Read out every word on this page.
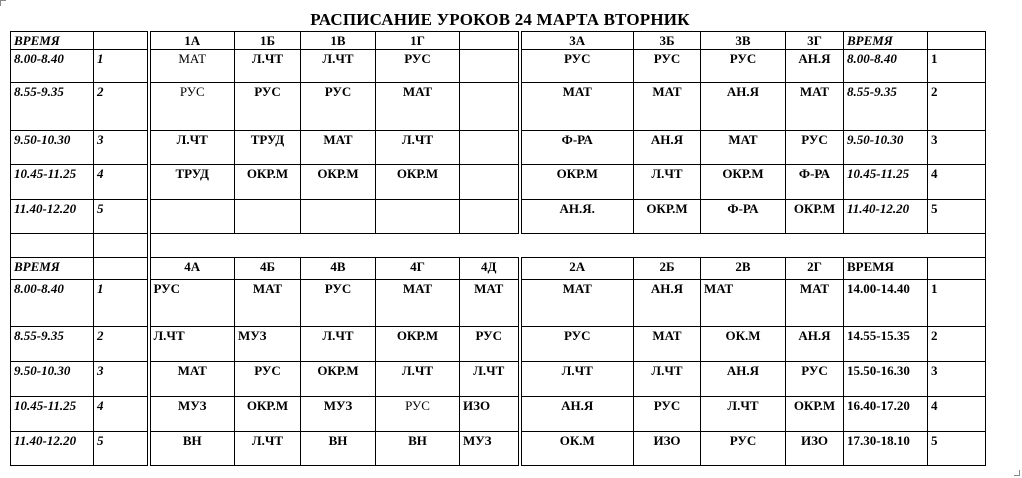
РАСПИСАНИЕ УРОКОВ 24 МАРТА ВТОРНИК
ВРЕМЯ		1А	1Б	1В	1Г		3А	3Б	3В	3Г	ВРЕМЯ	
8.00-8.40	1	МАТ	Л.ЧТ	Л.ЧТ	РУС		РУС	РУС	РУС	АН.Я	8.00-8.40	1
8.55-9.35	2	РУС	РУС	РУС	МАТ		МАТ	МАТ	АН.Я	МАТ	8.55-9.35	2
9.50-10.30	3	Л.ЧТ	ТРУД	МАТ	Л.ЧТ		Ф-РА	АН.Я	МАТ	РУС	9.50-10.30	3
10.45-11.25	4	ТРУД	ОКР.М	ОКР.М	ОКР.М		ОКР.М	Л.ЧТ	ОКР.М	Ф-РА	10.45-11.25	4
11.40-12.20	5						АН.Я.	ОКР.М	Ф-РА	ОКР.М	11.40-12.20	5

ВРЕМЯ		4А	4Б	4В	4Г	4Д	2А	2Б	2В	2Г	ВРЕМЯ	
8.00-8.40	1	РУС	МАТ	РУС	МАТ	МАТ	МАТ	АН.Я	МАТ	МАТ	14.00-14.40	1
8.55-9.35	2	Л.ЧТ	МУЗ	Л.ЧТ	ОКР.М	РУС	РУС	МАТ	ОК.М	АН.Я	14.55-15.35	2
9.50-10.30	3	МАТ	РУС	ОКР.М	Л.ЧТ	Л.ЧТ	Л.ЧТ	Л.ЧТ	АН.Я	РУС	15.50-16.30	3
10.45-11.25	4	МУЗ	ОКР.М	МУЗ	РУС	ИЗО	АН.Я	РУС	Л.ЧТ	ОКР.М	16.40-17.20	4
11.40-12.20	5	ВН	Л.ЧТ	ВН	ВН	МУЗ	ОК.М	ИЗО	РУС	ИЗО	17.30-18.10	5
